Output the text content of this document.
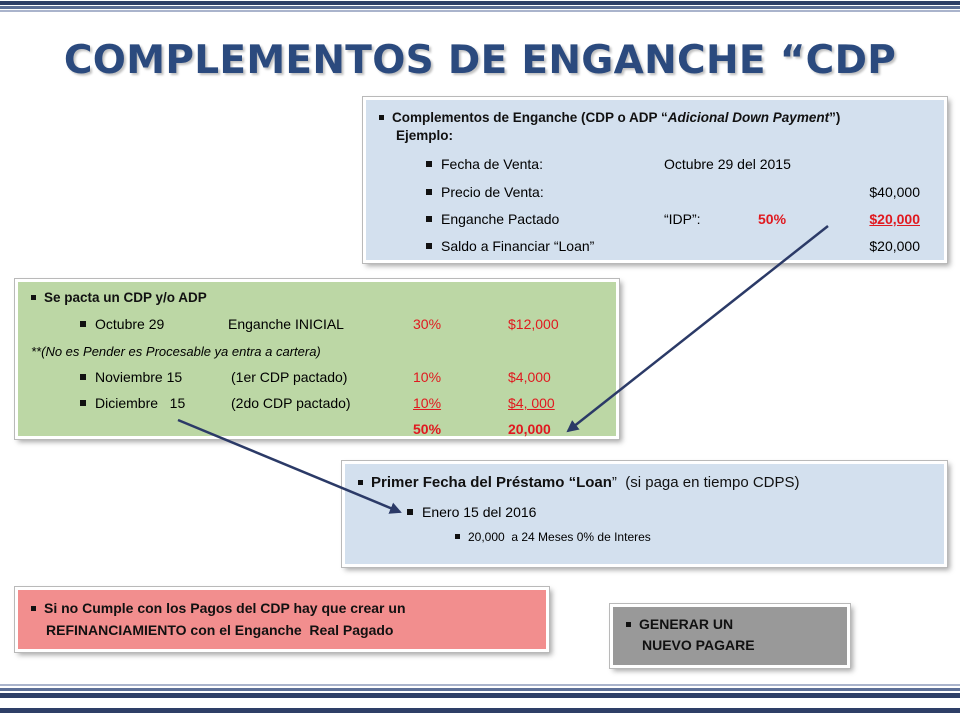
COMPLEMENTOS DE ENGANCHE “CDP
Complementos de Enganche (CDP o ADP “Adicional Down Payment”)
Ejemplo:
Fecha de Venta:	Octubre 29 del 2015
Precio de Venta:	$40,000
Enganche Pactado	“IDP”:	50%	$20,000
Saldo a Financiar “Loan”	$20,000
Se pacta un CDP y/o ADP
Octubre 29	Enganche INICIAL	30%	$12,000
**(No es Pender es Procesable ya entra a cartera)
Noviembre 15	(1er CDP pactado)	10%	$4,000
Diciembre   15	(2do CDP pactado)	10%	$4, 000
50%	20,000
Primer Fecha del Préstamo “Loan”  (si paga en tiempo CDPS)
Enero 15 del 2016
20,000  a 24 Meses 0% de Interes
Si no Cumple con los Pagos del CDP hay que crear un
REFINANCIAMIENTO con el Enganche  Real Pagado	GENERAR UN
NUEVO PAGARE
